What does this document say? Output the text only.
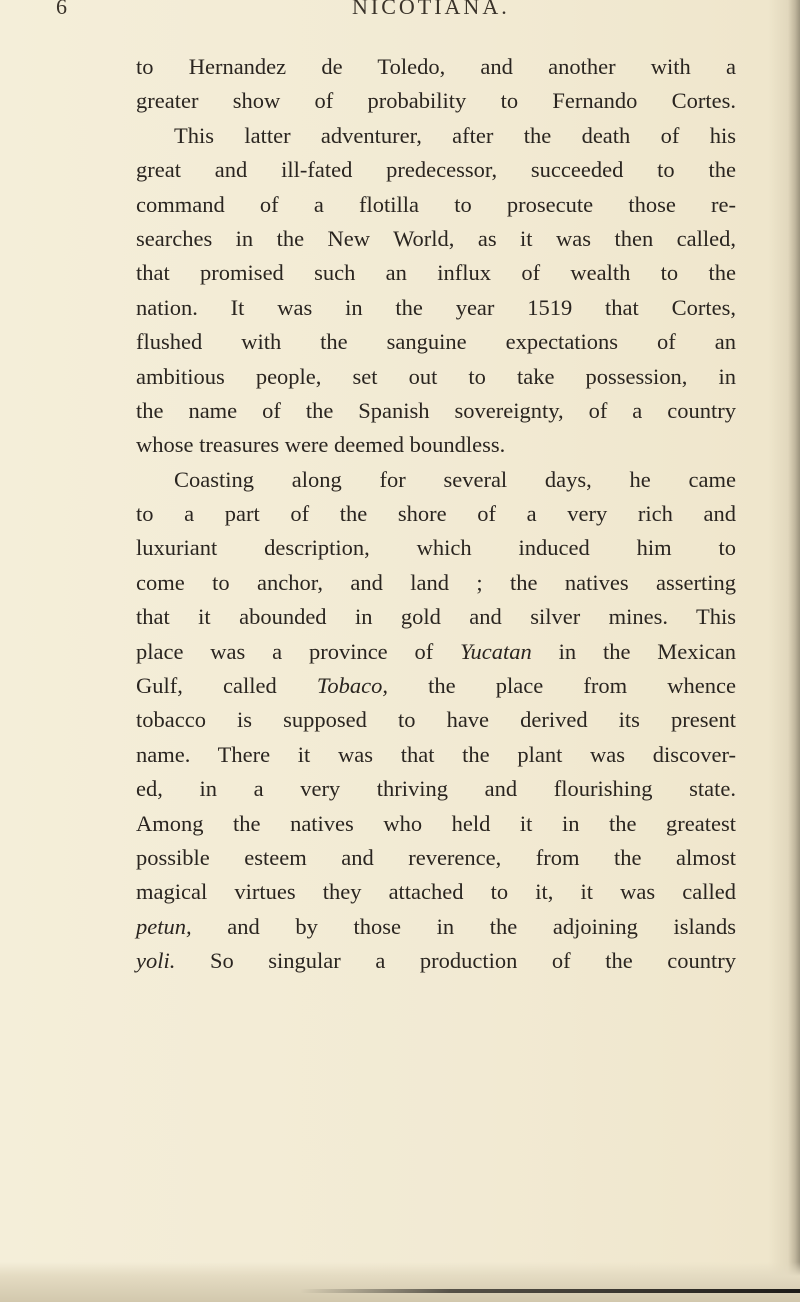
6	NICOTIANA.
to Hernandez de Toledo, and another with a
greater show of probability to Fernando Cortes.
This latter adventurer, after the death of his
great and ill-fated predecessor, succeeded to the
command of a flotilla to prosecute those re-
searches in the New World, as it was then called,
that promised such an influx of wealth to the
nation. It was in the year 1519 that Cortes,
flushed with the sanguine expectations of an
ambitious people, set out to take possession, in
the name of the Spanish sovereignty, of a country
whose treasures were deemed boundless.
Coasting along for several days, he came
to a part of the shore of a very rich and
luxuriant description, which induced him to
come to anchor, and land ; the natives asserting
that it abounded in gold and silver mines. This
place was a province of Yucatan in the Mexican
Gulf, called Tobaco, the place from whence
tobacco is supposed to have derived its present
name. There it was that the plant was discover-
ed, in a very thriving and flourishing state.
Among the natives who held it in the greatest
possible esteem and reverence, from the almost
magical virtues they attached to it, it was called
petun, and by those in the adjoining islands
yoli. So singular a production of the country
